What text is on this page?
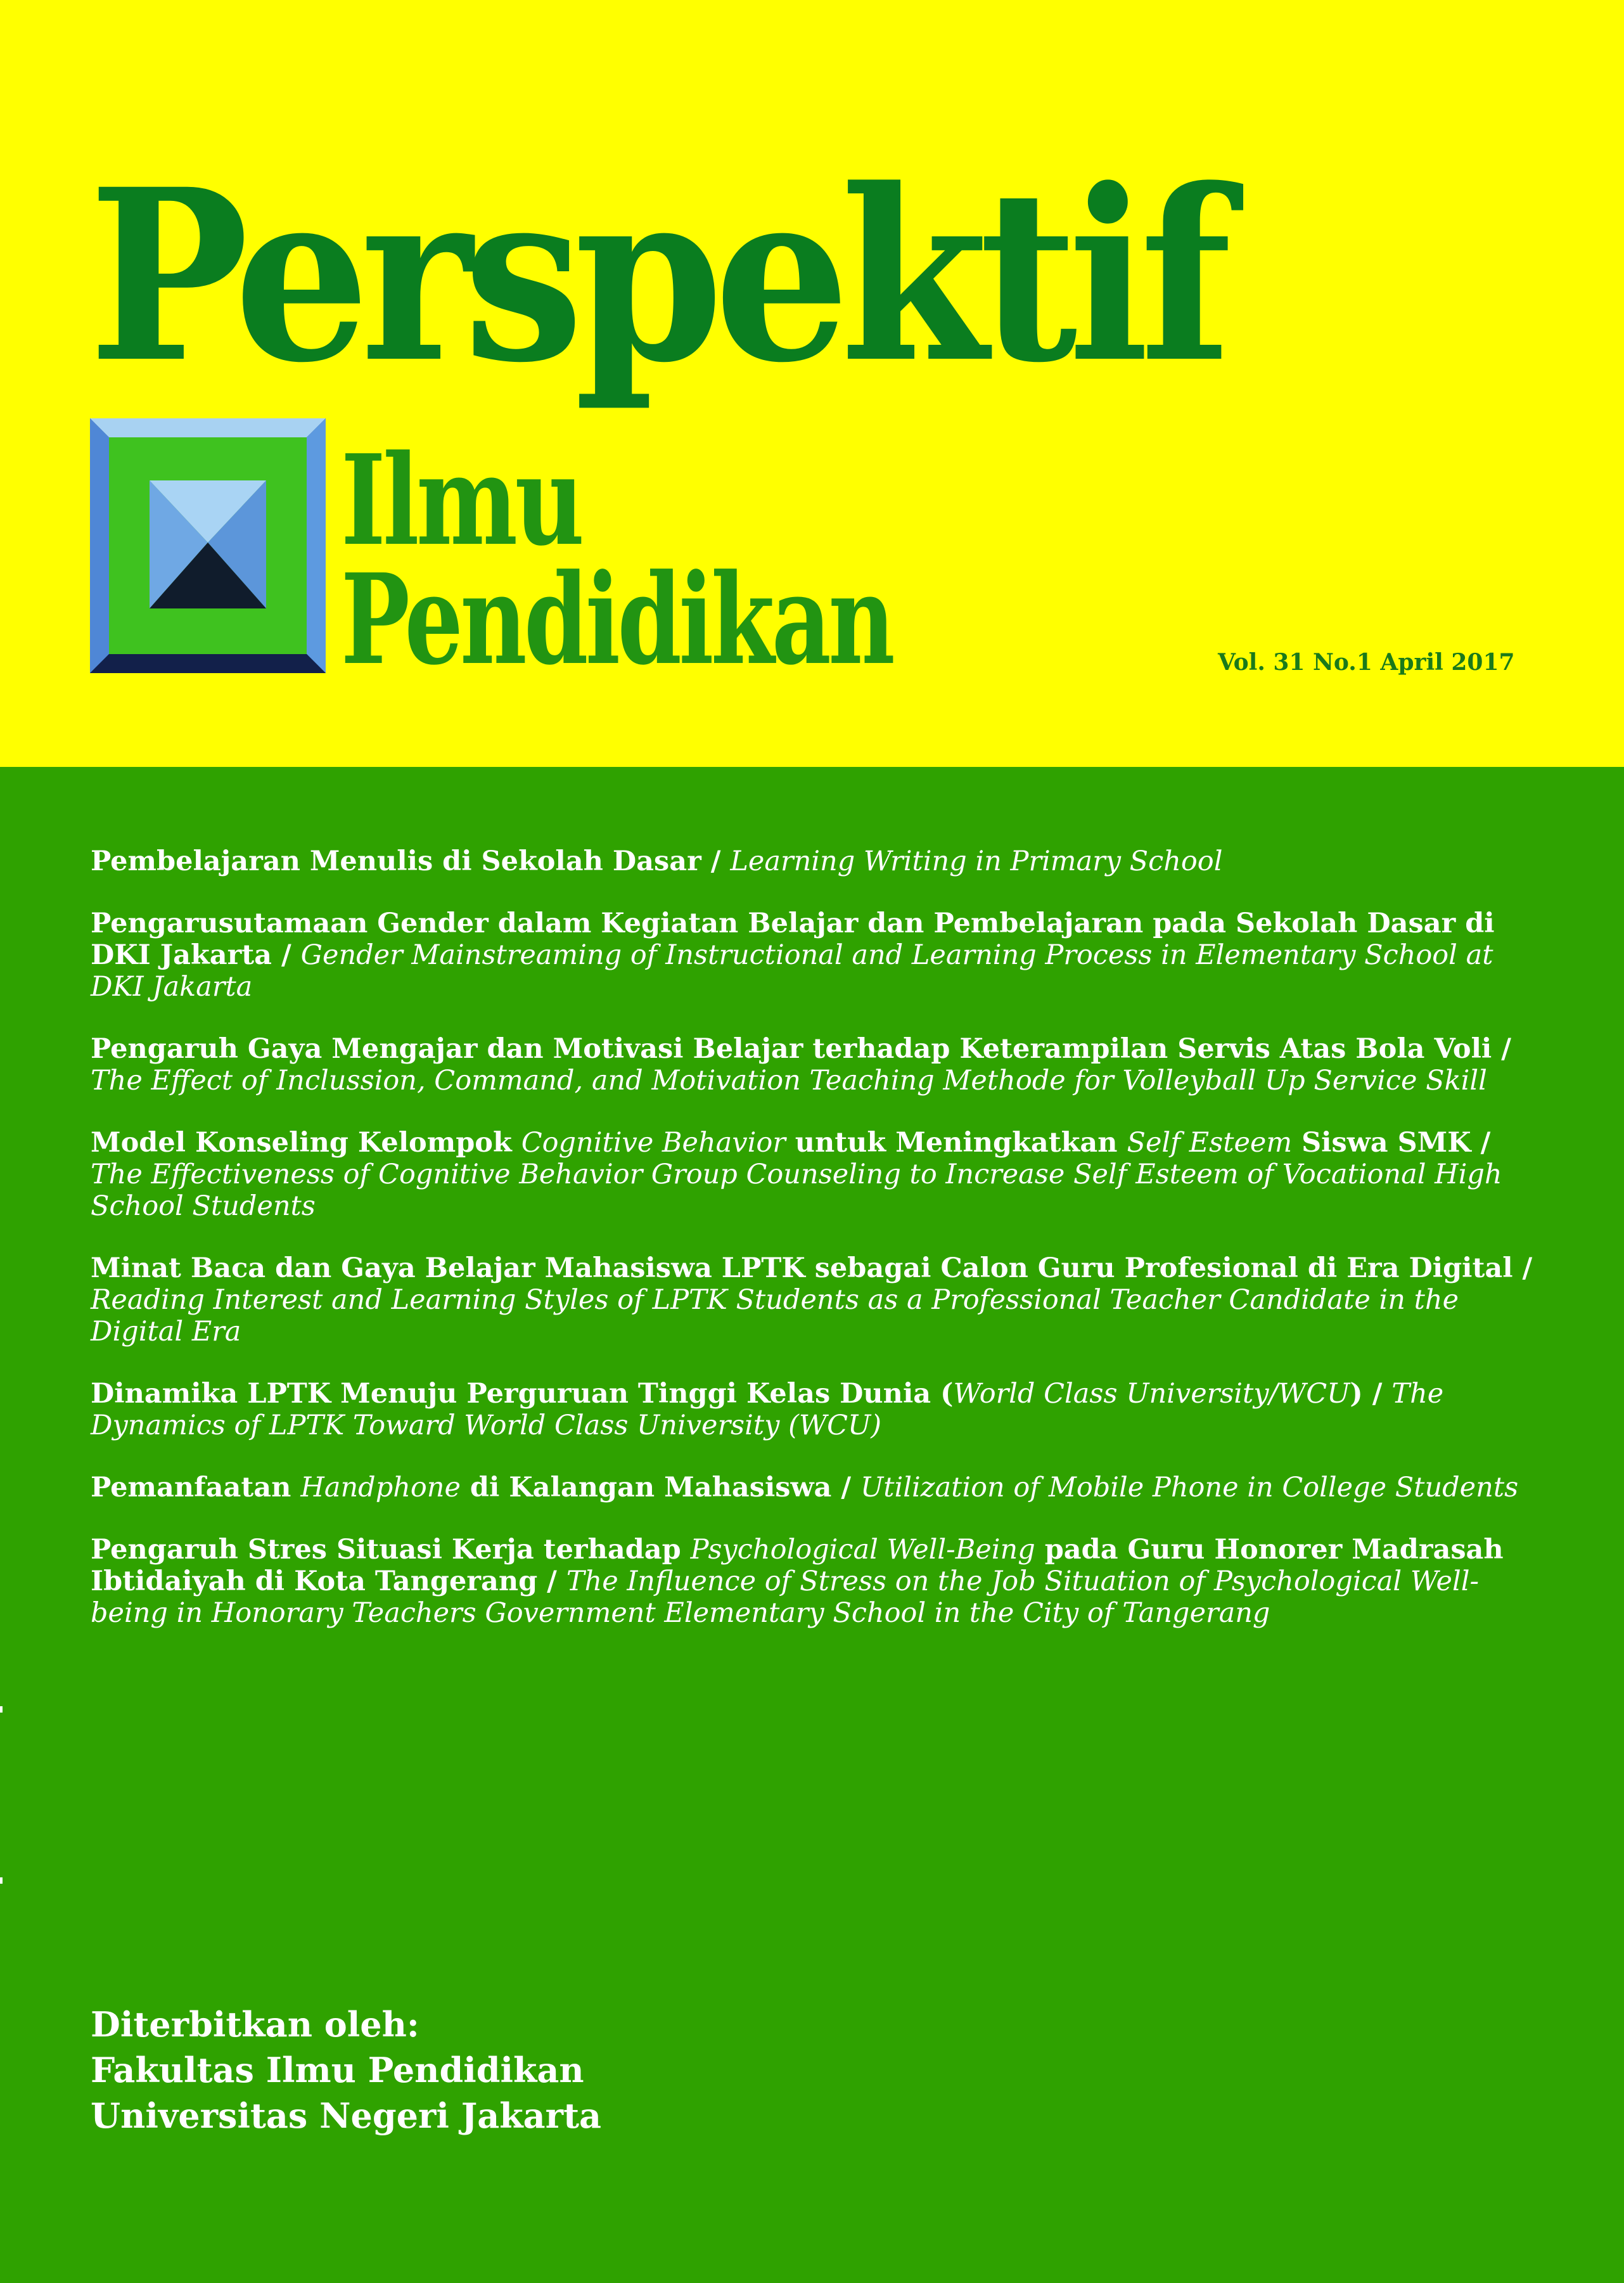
Perspektif
Ilmu
Pendidikan	Vol. 31 No.1 April 2017
Pembelajaran Menulis di Sekolah Dasar / Learning Writing in Primary School
Pengarusutamaan Gender dalam Kegiatan Belajar dan Pembelajaran pada Sekolah Dasar di DKI Jakarta / Gender Mainstreaming of Instructional and Learning Process in Elementary School at DKI Jakarta
Pengaruh Gaya Mengajar dan Motivasi Belajar terhadap Keterampilan Servis Atas Bola Voli / The Effect of Inclussion, Command, and Motivation Teaching Methode for Volleyball Up Service Skill
Model Konseling Kelompok Cognitive Behavior untuk Meningkatkan Self Esteem Siswa SMK / The Effectiveness of Cognitive Behavior Group Counseling to Increase Self Esteem of Vocational High School Students
Minat Baca dan Gaya Belajar Mahasiswa LPTK sebagai Calon Guru Profesional di Era Digital / Reading Interest and Learning Styles of LPTK Students as a Professional Teacher Candidate in the Digital Era
Dinamika LPTK Menuju Perguruan Tinggi Kelas Dunia (World Class University/WCU) / The Dynamics of LPTK Toward World Class University (WCU)
Pemanfaatan Handphone di Kalangan Mahasiswa / Utilization of Mobile Phone in College Students
Pengaruh Stres Situasi Kerja terhadap Psychological Well-Being pada Guru Honorer Madrasah Ibtidaiyah di Kota Tangerang / The Influence of Stress on the Job Situation of Psychological Well-being in Honorary Teachers Government Elementary School in the City of Tangerang
Diterbitkan oleh:
Fakultas Ilmu Pendidikan
Universitas Negeri Jakarta
